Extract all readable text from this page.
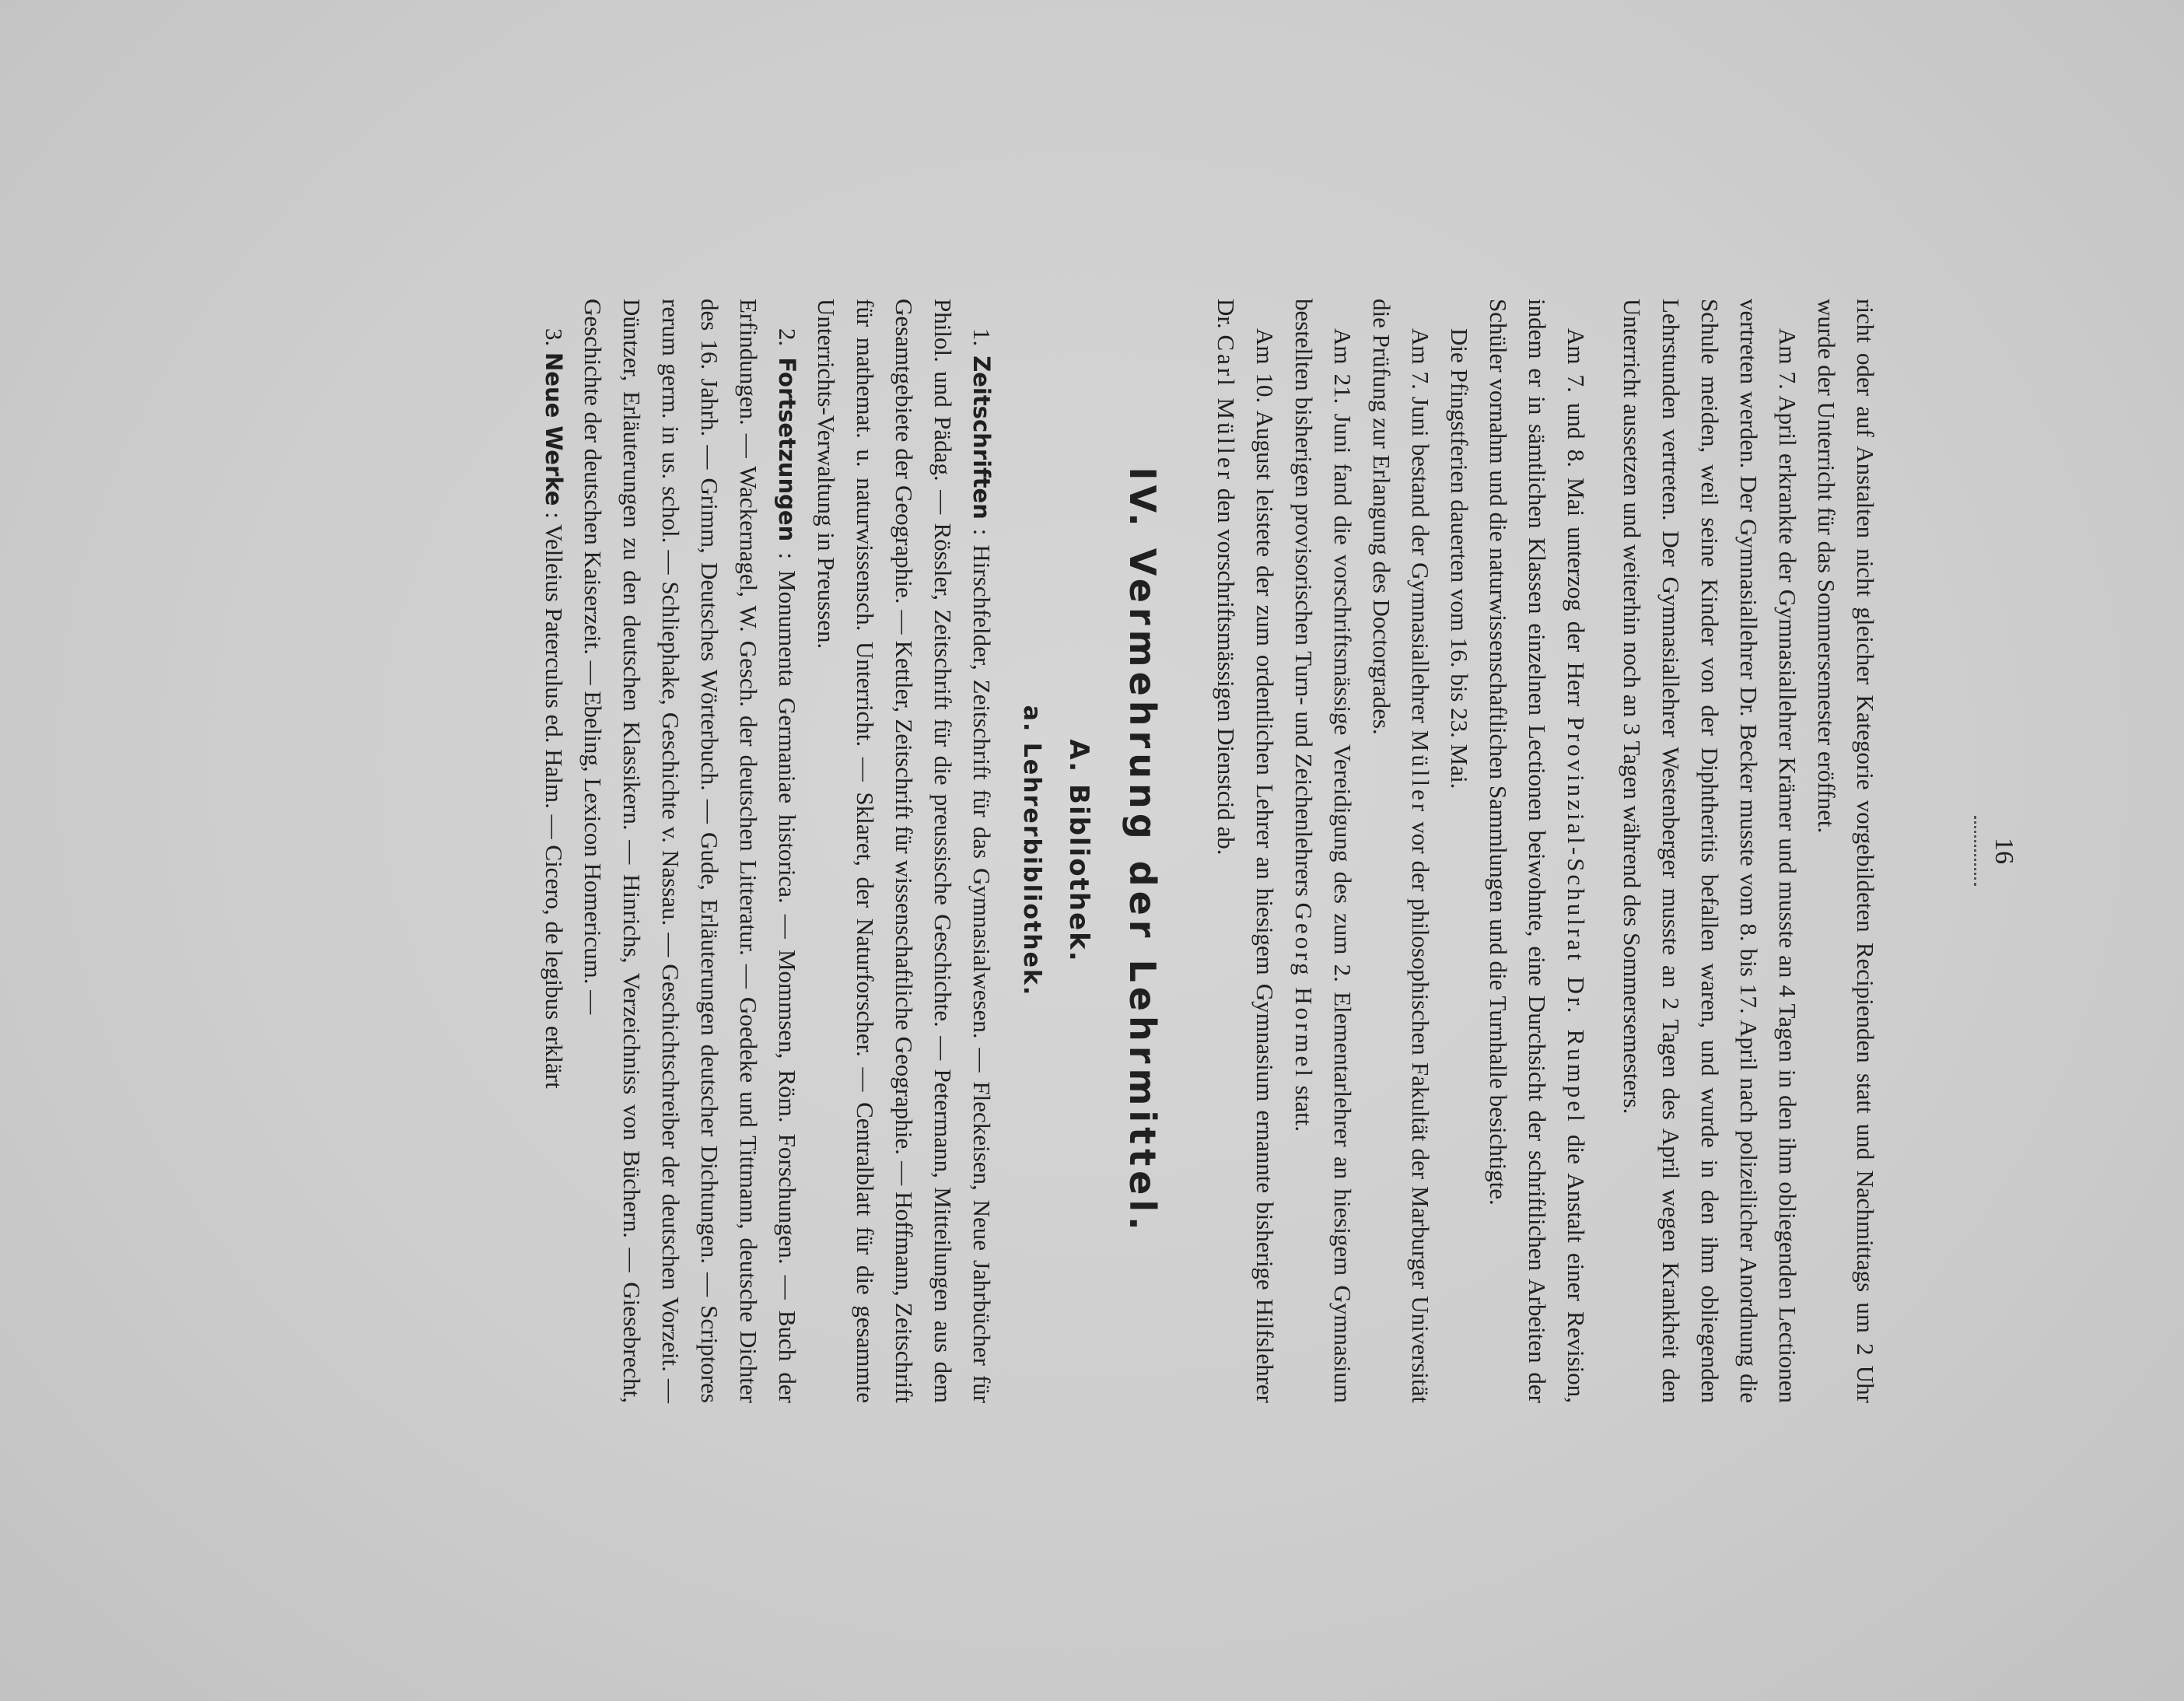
16

richt oder auf Anstalten nicht gleicher Kategorie vorgebildeten Recipienden statt und Nachmittags um 2 Uhr wurde der Unterricht für das Sommersemester eröffnet.

Am 7. April erkrankte der Gymnasiallehrer Krämer und musste an 4 Tagen in den ihm obliegenden Lectionen vertreten werden. Der Gymnasiallehrer Dr. Becker musste vom 8. bis 17. April nach polizeilicher Anordnung die Schule meiden, weil seine Kinder von der Diphtheritis befallen waren, und wurde in den ihm obliegenden Lehrstunden vertreten. Der Gymnasiallehrer Westenberger musste an 2 Tagen des April wegen Krankheit den Unterricht aussetzen und weiterhin noch an 3 Tagen während des Sommersemesters.

Am 7. und 8. Mai unterzog der Herr Provinzial-Schulrat Dr. Rumpel die Anstalt einer Revision, indem er in sämtlichen Klassen einzelnen Lectionen beiwohnte, eine Durchsicht der schriftlichen Arbeiten der Schüler vornahm und die naturwissenschaftlichen Sammlungen und die Turnhalle besichtigte.

Die Pfingstferien dauerten vom 16. bis 23. Mai.

Am 7. Juni bestand der Gymnasiallehrer Müller vor der philosophischen Fakultät der Marburger Universität die Prüfung zur Erlangung des Doctorgrades.

Am 21. Juni fand die vorschriftsmässige Vereidigung des zum 2. Elementarlehrer an hiesigem Gymnasium bestellten bisherigen provisorischen Turn- und Zeichenlehrers Georg Hormel statt.

Am 10. August leistete der zum ordentlichen Lehrer an hiesigem Gymnasium ernannte bisherige Hilfslehrer Dr. Carl Müller den vorschriftsmässigen Dienstcid ab.

IV. Vermehrung der Lehrmittel.
A. Bibliothek.
a. Lehrerbibliothek.

1. Zeitschriften : Hirschfelder, Zeitschrift für das Gymnasialwesen. — Fleckeisen, Neue Jahrbücher für Philol. und Pädag. — Rössler, Zeitschrift für die preussische Geschichte. — Petermann, Mitteilungen aus dem Gesamtgebiete der Geographie. — Kettler, Zeitschrift für wissenschaftliche Geographie. — Hoffmann, Zeitschrift für mathemat. u. naturwissensch. Unterricht. — Sklaret, der Naturforscher. — Centralblatt für die gesammte Unterrichts-Verwaltung in Preussen.

2. Fortsetzungen : Monumenta Germaniae historica. — Mommsen, Röm. Forschungen. — Buch der Erfindungen. — Wackernagel, W. Gesch. der deutschen Litteratur. — Goedeke und Tittmann, deutsche Dichter des 16. Jahrh. — Grimm, Deutsches Wörterbuch. — Gude, Erläuterungen deutscher Dichtungen. — Scriptores rerum germ. in us. schol. — Schliephake, Geschichte v. Nassau. — Geschichtschreiber der deutschen Vorzeit. — Düntzer, Erläuterungen zu den deutschen Klassikern. — Hinrichs, Verzeichniss von Büchern. — Giesebrecht, Geschichte der deutschen Kaiserzeit. — Ebeling, Lexicon Homericum. —

3. Neue Werke : Velleius Paterculus ed. Halm. — Cicero, de legibus erklärt
